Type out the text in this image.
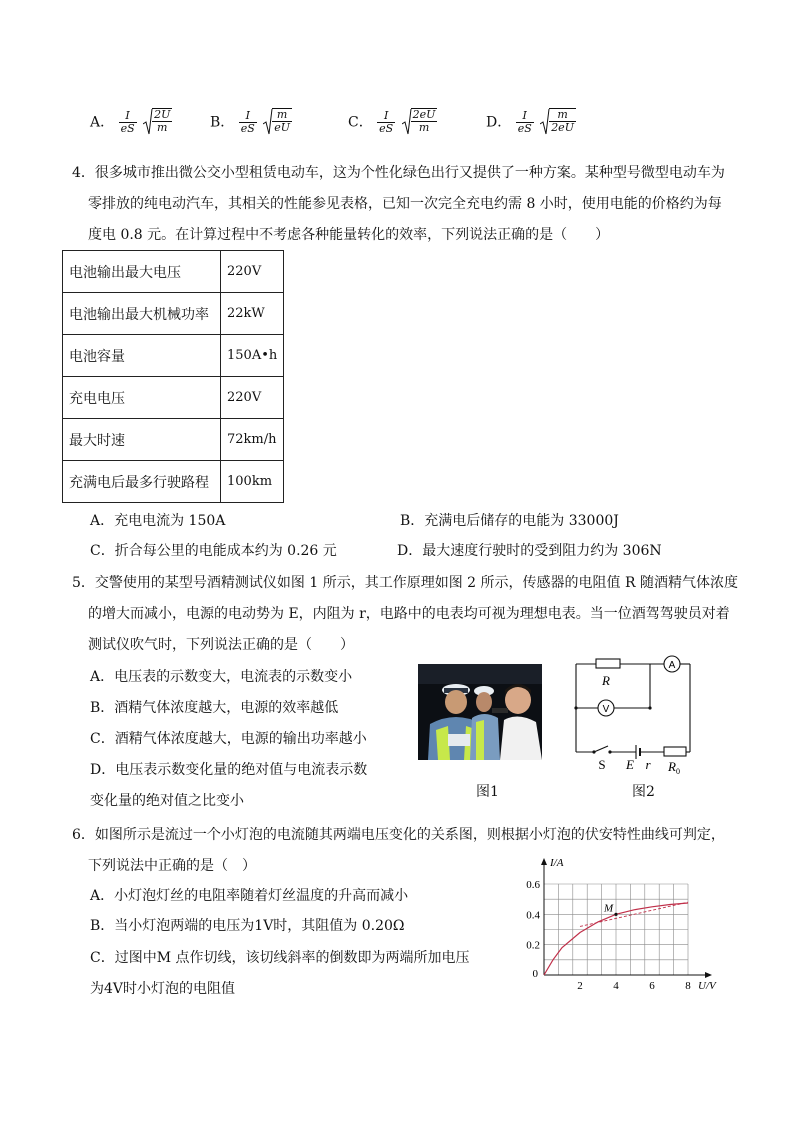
A． $\frac{I}{eS}$
$\frac{2U}{m}$	B． $\frac{I}{eS}$
$\frac{m}{eU}$	C． $\frac{I}{eS}$
$\frac{2eU}{m}$	D． $\frac{I}{eS}$
$\frac{m}{2eU}$
4．很多城市推出微公交小型租赁电动车，这为个性化绿色出行又提供了一种方案。某种型号微型电动车为
零排放的纯电动汽车，其相关的性能参见表格，已知一次完全充电约需 8 小时，使用电能的价格约为每
度电 0.8 元。在计算过程中不考虑各种能量转化的效率，下列说法正确的是（　　）
电池输出最大电压	220V
电池输出最大机械功率	22kW
电池容量	150A•h
充电电压	220V
最大时速	72km/h
充满电后最多行驶路程	100km
A．充电电流为 150A	B．充满电后储存的电能为 33000J
C．折合每公里的电能成本约为 0.26 元	D．最大速度行驶时的受到阻力约为 306N
5．交警使用的某型号酒精测试仪如图 1 所示，其工作原理如图 2 所示，传感器的电阻值 R 随酒精气体浓度
的增大而减小，电源的电动势为 E，内阻为 r，电路中的电表均可视为理想电表。当一位酒驾驾驶员对着
测试仪吹气时，下列说法正确的是（　　）
A．电压表的示数变大，电流表的示数变小
B．酒精气体浓度越大，电源的效率越低
C．酒精气体浓度越大，电源的输出功率越小
D．电压表示数变化量的绝对值与电流表示数
变化量的绝对值之比变小
图1
R
A
V
S E r $R_0$
图2
6．如图所示是流过一个小灯泡的电流随其两端电压变化的关系图，则根据小灯泡的伏安特性曲线可判定，
下列说法中正确的是（　）
A．小灯泡灯丝的电阻率随着灯丝温度的升高而减小
B．当小灯泡两端的电压为1V时，其阻值为 0.20Ω
C．过图中M 点作切线，该切线斜率的倒数即为两端所加电压
为4V时小灯泡的电阻值	2	4	6	8
0.2
0.4
0.6
0
U/V
I/A
M
